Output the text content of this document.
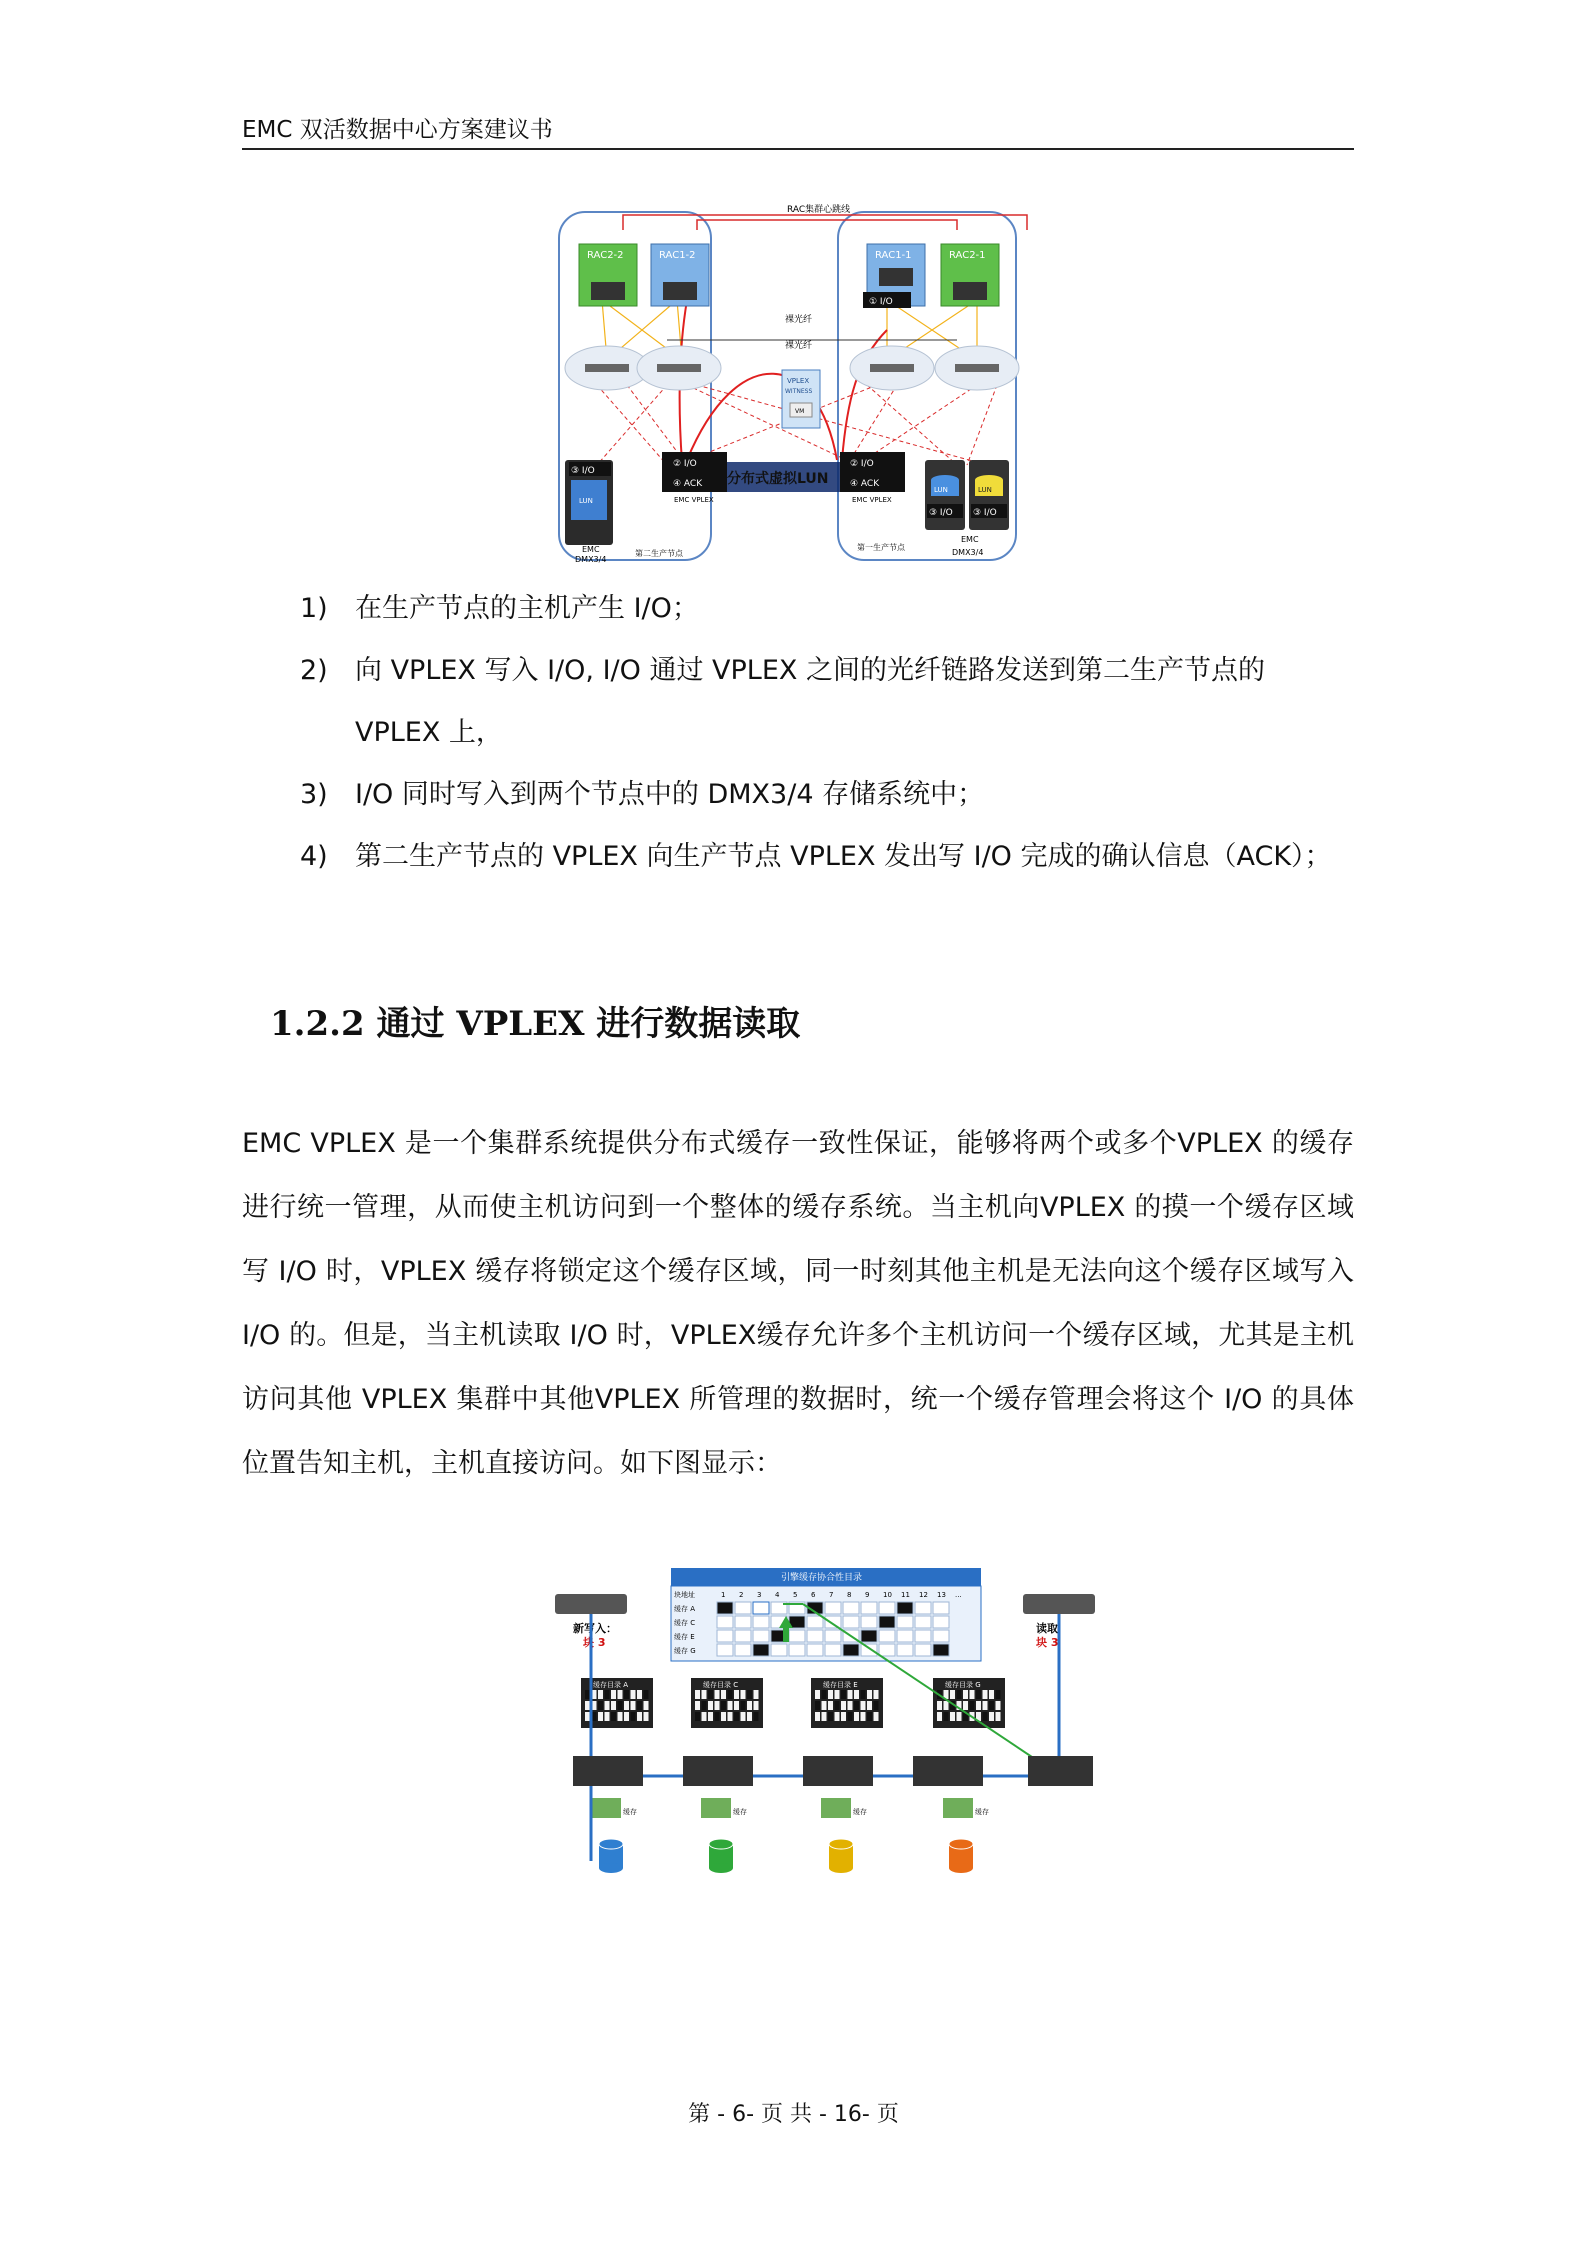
EMC 双活数据中心方案建议书
RAC集群心跳线
RAC2-2	RAC1-2	RAC1-1	RAC2-1
① I/O
裸光纤
裸光纤
VPLEX
WITNESS
VM
分布式虚拟LUN
② I/O
④ ACK
② I/O
④ ACK
EMC VPLEX	EMC VPLEX
LUN
③ I/O
EMC
DMX3/4
第二生产节点
LUN
③ I/O
LUN
③ I/O
EMC
DMX3/4
第一生产节点
1) 在生产节点的主机产生 I/O；
2) 向 VPLEX 写入 I/O, I/O 通过 VPLEX 之间的光纤链路发送到第二生产节点的 VPLEX 上，
3) I/O 同时写入到两个节点中的 DMX3/4 存储系统中；
4) 第二生产节点的 VPLEX 向生产节点 VPLEX 发出写 I/O 完成的确认信息（ACK）；
1.2.2 通过 VPLEX 进行数据读取
EMC VPLEX 是一个集群系统提供分布式缓存一致性保证，能够将两个或多个VPLEX 的缓存进行统一管理，从而使主机访问到一个整体的缓存系统。当主机向VPLEX 的摸一个缓存区域写 I/O 时，VPLEX 缓存将锁定这个缓存区域，同一时刻其他主机是无法向这个缓存区域写入 I/O 的。但是，当主机读取 I/O 时，VPLEX缓存允许多个主机访问一个缓存区域，尤其是主机访问其他 VPLEX 集群中其他VPLEX 所管理的数据时，统一个缓存管理会将这个 I/O 的具体位置告知主机，主机直接访问。如下图显示：
引擎缓存协合性目录
块地址	1 2 3 4 5 6 7 8 9 10 11 12 13 ...
缓存 A
缓存 C
缓存 E
缓存 G
新写入：
块 3
读取
块 3
缓存目录 A
缓存
缓存目录 C
缓存
缓存目录 E
缓存
缓存目录 G
缓存
第 - 6- 页 共 - 16- 页
